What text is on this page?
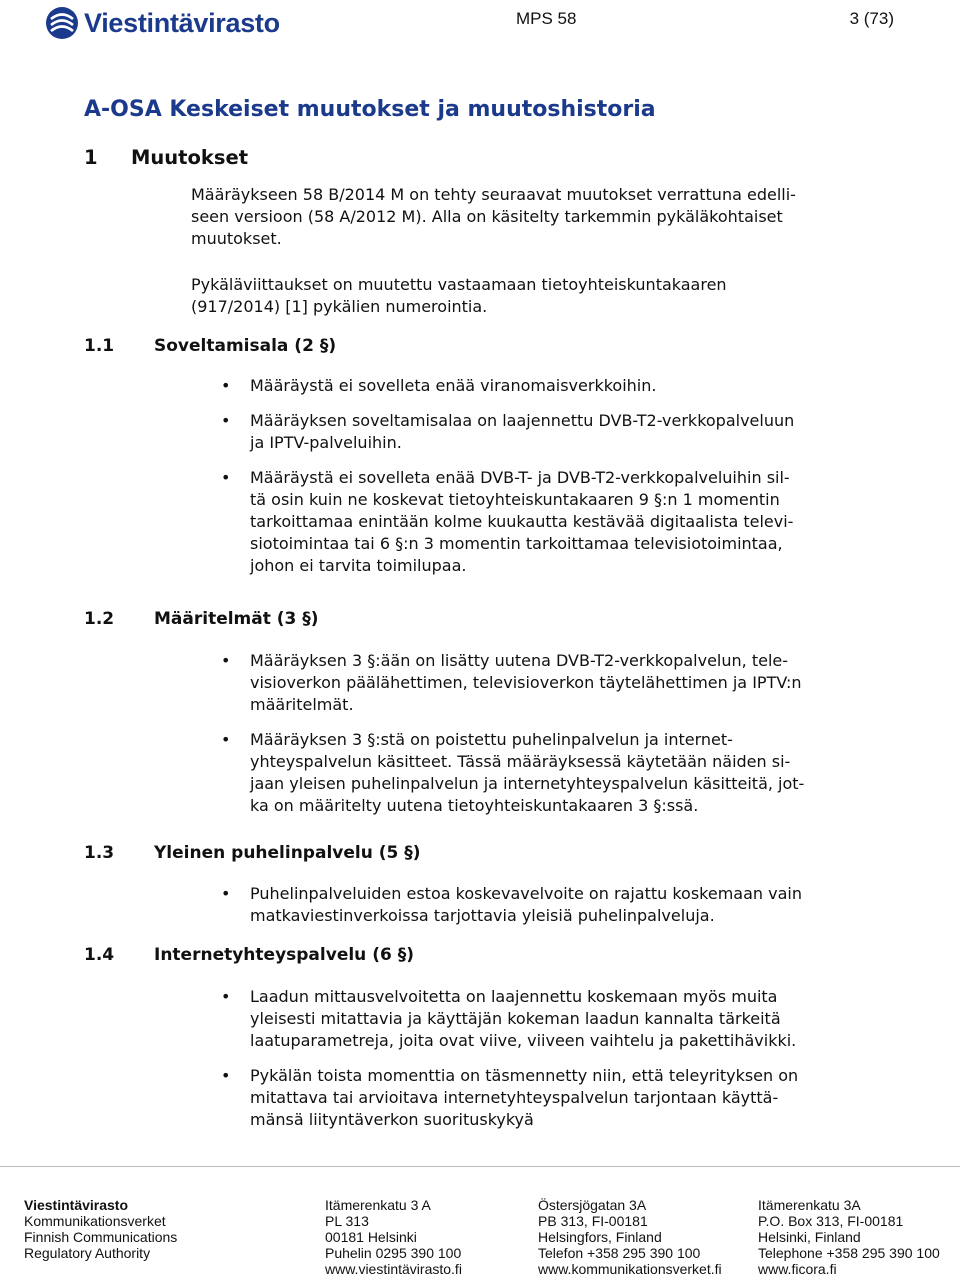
Viestintävirasto	MPS 58	3 (73)
A-OSA Keskeiset muutokset ja muutoshistoria
1 Muutokset

Määräykseen 58 B/2014 M on tehty seuraavat muutokset verrattuna edelli-
seen versioon (58 A/2012 M). Alla on käsitelty tarkemmin pykäläkohtaiset
muutokset.

Pykäläviittaukset on muutettu vastaamaan tietoyhteiskuntakaaren
(917/2014) [1] pykälien numerointia.

1.1 Soveltamisala (2 §)
• Määräystä ei sovelleta enää viranomaisverkkoihin.
• Määräyksen soveltamisalaa on laajennettu DVB-T2-verkkopalveluun
ja IPTV-palveluihin.
• Määräystä ei sovelleta enää DVB-T- ja DVB-T2-verkkopalveluihin sil-
tä osin kuin ne koskevat tietoyhteiskuntakaaren 9 §:n 1 momentin
tarkoittamaa enintään kolme kuukautta kestävää digitaalista televi-
siotoimintaa tai 6 §:n 3 momentin tarkoittamaa televisiotoimintaa,
johon ei tarvita toimilupaa.
1.2 Määritelmät (3 §)
• Määräyksen 3 §:ään on lisätty uutena DVB-T2-verkkopalvelun, tele-
visioverkon päälähettimen, televisioverkon täytelähettimen ja IPTV:n
määritelmät.
• Määräyksen 3 §:stä on poistettu puhelinpalvelun ja internet-
yhteyspalvelun käsitteet. Tässä määräyksessä käytetään näiden si-
jaan yleisen puhelinpalvelun ja internetyhteyspalvelun käsitteitä, jot-
ka on määritelty uutena tietoyhteiskuntakaaren 3 §:ssä.
1.3 Yleinen puhelinpalvelu (5 §)
• Puhelinpalveluiden estoa koskevavelvoite on rajattu koskemaan vain
matkaviestinverkoissa tarjottavia yleisiä puhelinpalveluja.
1.4 Internetyhteyspalvelu (6 §)
• Laadun mittausvelvoitetta on laajennettu koskemaan myös muita
yleisesti mitattavia ja käyttäjän kokeman laadun kannalta tärkeitä
laatuparametreja, joita ovat viive, viiveen vaihtelu ja pakettihävikki.
• Pykälän toista momenttia on täsmennetty niin, että teleyrityksen on
mitattava tai arvioitava internetyhteyspalvelun tarjontaan käyttä-
mänsä liityntäverkon suorituskykyä
Viestintävirasto
Kommunikationsverket
Finnish Communications
Regulatory Authority
Itämerenkatu 3 A
PL 313
00181 Helsinki
Puhelin 0295 390 100
www.viestintävirasto.fi
Östersjögatan 3A
PB 313, FI-00181
Helsingfors, Finland
Telefon +358 295 390 100
www.kommunikationsverket.fi
Itämerenkatu 3A
P.O. Box 313, FI-00181
Helsinki, Finland
Telephone +358 295 390 100
www.ficora.fi
